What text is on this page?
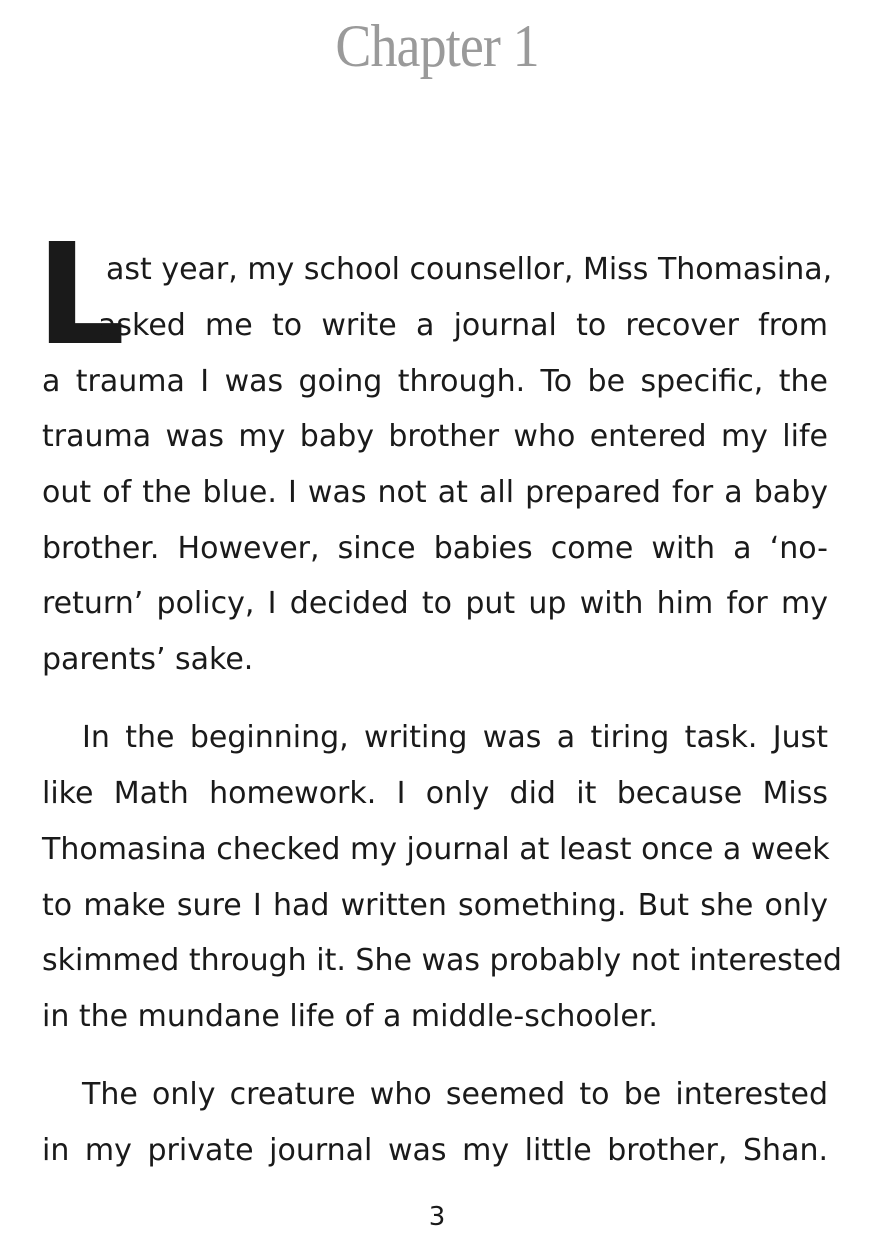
Chapter 1
L
ast year, my school counsellor, Miss Thomasina,
asked me to write a journal to recover from
a trauma I was going through. To be specific, the
trauma was my baby brother who entered my life
out of the blue. I was not at all prepared for a baby
brother. However, since babies come with a ‘no-
return’ policy, I decided to put up with him for my
parents’ sake.
In the beginning, writing was a tiring task. Just
like Math homework. I only did it because Miss
Thomasina checked my journal at least once a week
to make sure I had written something. But she only
skimmed through it. She was probably not interested
in the mundane life of a middle-schooler.
The only creature who seemed to be interested
in my private journal was my little brother, Shan.
3
